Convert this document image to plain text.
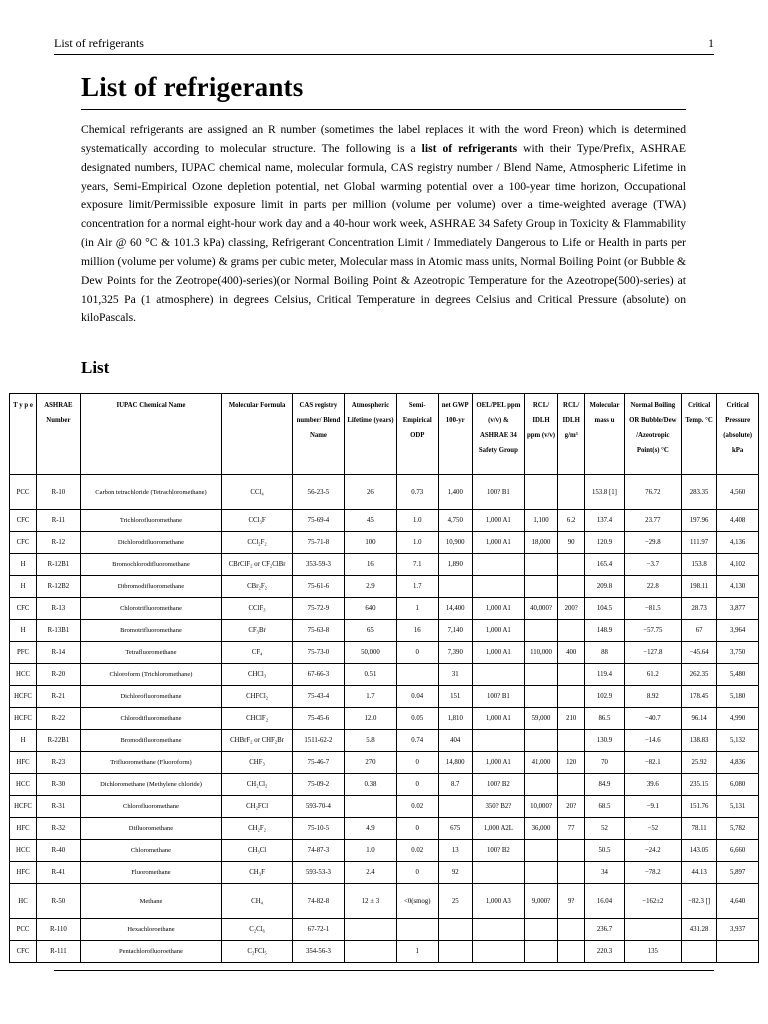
List of refrigerants	1
List of refrigerants

Chemical refrigerants are assigned an R number (sometimes the label replaces it with the word Freon) which is determined systematically according to molecular structure. The following is a list of refrigerants with their Type/Prefix, ASHRAE designated numbers, IUPAC chemical name, molecular formula, CAS registry number / Blend Name, Atmospheric Lifetime in years, Semi-Empirical Ozone depletion potential, net Global warming potential over a 100-year time horizon, Occupational exposure limit/Permissible exposure limit in parts per million (volume per volume) over a time-weighted average (TWA) concentration for a normal eight-hour work day and a 40-hour work week, ASHRAE 34 Safety Group in Toxicity & Flammability (in Air @ 60 °C & 101.3 kPa) classing, Refrigerant Concentration Limit / Immediately Dangerous to Life or Health in parts per million (volume per volume) & grams per cubic meter, Molecular mass in Atomic mass units, Normal Boiling Point (or Bubble & Dew Points for the Zeotrope(400)-series)(or Normal Boiling Point & Azeotropic Temperature for the Azeotrope(500)-series) at 101,325 Pa (1 atmosphere) in degrees Celsius, Critical Temperature in degrees Celsius and Critical Pressure (absolute) on kiloPascals.

List
T y p e	ASHRAE Number	IUPAC Chemical Name	Molecular Formula	CAS registry number/ Blend Name	Atmospheric Lifetime (years)	Semi-Empirical ODP	net GWP 100-yr	OEL/PEL ppm (v/v) & ASHRAE 34 Safety Group	RCL/ IDLH ppm (v/v)	RCL/ IDLH g/m³	Molecular mass u	Normal Boiling OR Bubble/Dew /Azeotropic Point(s) °C	Critical Temp. °C	Critical Pressure (absolute) kPa
PCC	R-10	Carbon tetrachloride (Tetrachloromethane)	CCl₄	56-23-5	26	0.73	1,400	100? B1			153.8 [1]	76.72	283.35	4,560
CFC	R-11	Trichlorofluoromethane	CCl₃F	75-69-4	45	1.0	4,750	1,000 A1	1,100	6.2	137.4	23.77	197.96	4,408
CFC	R-12	Dichlorodifluoromethane	CCl₂F₂	75-71-8	100	1.0	10,900	1,000 A1	18,000	90	120.9	−29.8	111.97	4,136
H	R-12B1	Bromochlorodifluoromethane	CBrClF₂ or CF₂ClBr	353-59-3	16	7.1	1,890				165.4	−3.7	153.8	4,102
H	R-12B2	Dibromodifluoromethane	CBr₂F₂	75-61-6	2.9	1.7					209.8	22.8	198.11	4,130
CFC	R-13	Chlorotrifluoromethane	CClF₃	75-72-9	640	1	14,400	1,000 A1	40,000?	200?	104.5	−81.5	28.73	3,877
H	R-13B1	Bromotrifluoromethane	CF₃Br	75-63-8	65	16	7,140	1,000 A1			148.9	−57.75	67	3,964
PFC	R-14	Tetrafluoromethane	CF₄	75-73-0	50,000	0	7,390	1,000 A1	110,000	400	88	−127.8	−45.64	3,750
HCC	R-20	Chloroform (Trichloromethane)	CHCl₃	67-66-3	0.51		31				119.4	61.2	262.35	5,480
HCFC	R-21	Dichlorofluoromethane	CHFCl₂	75-43-4	1.7	0.04	151	100? B1			102.9	8.92	178.45	5,180
HCFC	R-22	Chlorodifluoromethane	CHClF₂	75-45-6	12.0	0.05	1,810	1,000 A1	59,000	210	86.5	−40.7	96.14	4,990
H	R-22B1	Bromodifluoromethane	CHBrF₂ or CHF₂Br	1511-62-2	5.8	0.74	404				130.9	−14.6	138.83	5,132
HFC	R-23	Trifluoromethane (Fluoroform)	CHF₃	75-46-7	270	0	14,800	1,000 A1	41,000	120	70	−82.1	25.92	4,836
HCC	R-30	Dichloromethane (Methylene chloride)	CH₂Cl₂	75-09-2	0.38	0	8.7	100? B2			84.9	39.6	235.15	6,080
HCFC	R-31	Chlorofluoromethane	CH₂FCl	593-70-4		0.02		350? B2?	10,000?	20?	68.5	−9.1	151.76	5,131
HFC	R-32	Difluoromethane	CH₂F₂	75-10-5	4.9	0	675	1,000 A2L	36,000	77	52	−52	78.11	5,782
HCC	R-40	Chloromethane	CH₃Cl	74-87-3	1.0	0.02	13	100? B2			50.5	−24.2	143.05	6,660
HFC	R-41	Fluoromethane	CH₃F	593-53-3	2.4	0	92				34	−78.2	44.13	5,897
HC	R-50	Methane	CH₄	74-82-8	12 ± 3	<0(smog)	25	1,000 A3	9,000?	9?	16.04	−162±2	−82.3 []	4,640
PCC	R-110	Hexachloroethane	C₂Cl₆	67-72-1							236.7		431.28	3,937
CFC	R-111	Pentachlorofluoroethane	C₂FCl₅	354-56-3		1					220.3	135		
